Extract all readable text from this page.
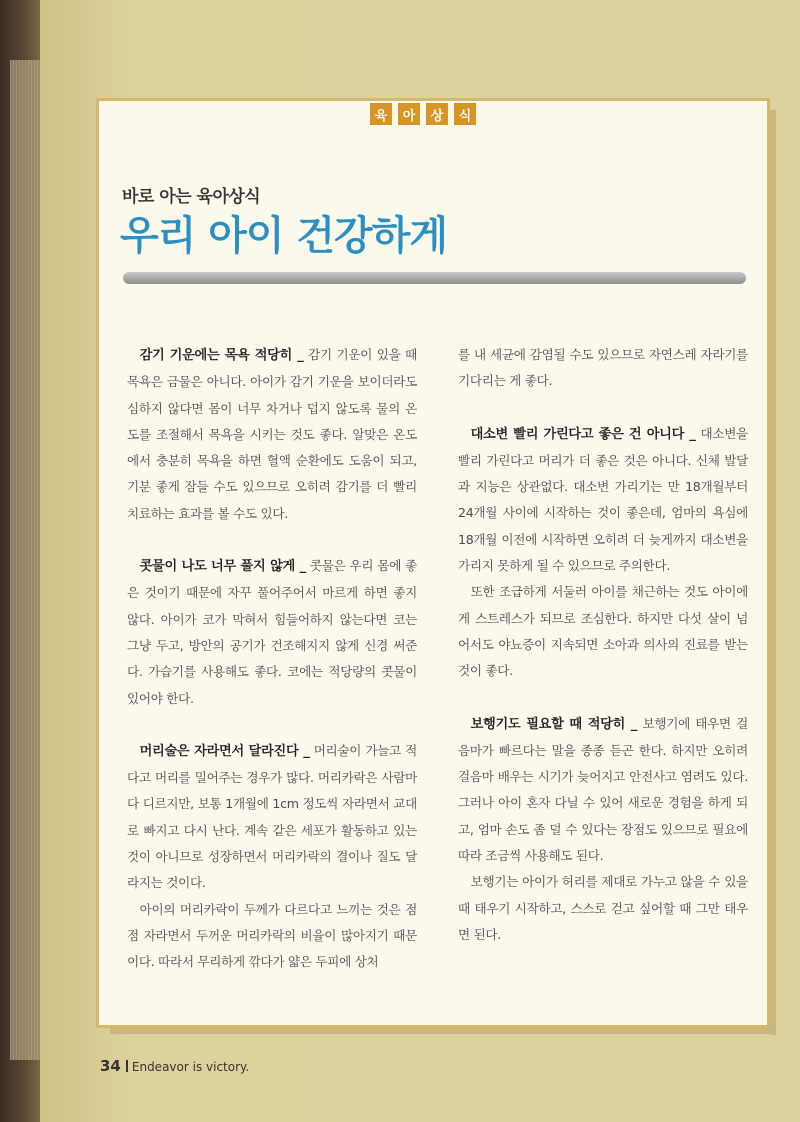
육	아	상	식
바로 아는 육아상식
우리 아이 건강하게

감기 기운에는 목욕 적당히 _ 감기 기운이 있을 때 목욕은 금물은 아니다. 아이가 감기 기운을 보이더라도 심하지 않다면 몸이 너무 차거나 덥지 않도록 물의 온도를 조절해서 목욕을 시키는 것도 좋다. 알맞은 온도에서 충분히 목욕을 하면 혈액 순환에도 도움이 되고, 기분 좋게 잠들 수도 있으므로 오히려 감기를 더 빨리 치료하는 효과를 볼 수도 있다.

콧물이 나도 너무 풀지 않게 _ 콧물은 우리 몸에 좋은 것이기 때문에 자꾸 풀어주어서 마르게 하면 좋지 않다. 아이가 코가 막혀서 힘들어하지 않는다면 코는 그냥 두고, 방안의 공기가 건조해지지 않게 신경 써준다. 가습기를 사용해도 좋다. 코에는 적당량의 콧물이 있어야 한다.

머리술은 자라면서 달라진다 _ 머리술이 가늘고 적다고 머리를 밀어주는 경우가 많다. 머리카락은 사람마다 디르지만, 보통 1개월에 1cm 정도씩 자라면서 교대로 빠지고 다시 난다. 계속 같은 세포가 활동하고 있는 것이 아니므로 성장하면서 머리카락의 결이나 질도 달라지는 것이다.

아이의 머리카락이 두께가 다르다고 느끼는 것은 점점 자라면서 두꺼운 머리카락의 비율이 많아지기 때문이다. 따라서 무리하게 깎다가 얇은 두피에 상처

를 내 세균에 감염될 수도 있으므로 자연스레 자라기를 기다리는 게 좋다.

대소변 빨리 가린다고 좋은 건 아니다 _ 대소변을 빨리 가린다고 머리가 더 좋은 것은 아니다. 신체 발달과 지능은 상관없다. 대소변 가리기는 만 18개월부터 24개월 사이에 시작하는 것이 좋은데, 엄마의 욕심에 18개월 이전에 시작하면 오히려 더 늦게까지 대소변을 가리지 못하게 될 수 있으므로 주의한다.

또한 조급하게 서둘러 아이를 채근하는 것도 아이에게 스트레스가 되므로 조심한다. 하지만 다섯 살이 넘어서도 야뇨증이 지속되면 소아과 의사의 진료를 받는 것이 좋다.

보행기도 필요할 때 적당히 _ 보행기에 태우면 걸음마가 빠르다는 말을 종종 듣곤 한다. 하지만 오히려 걸음마 배우는 시기가 늦어지고 안전사고 염려도 있다. 그러나 아이 혼자 다닐 수 있어 새로운 경험을 하게 되고, 엄마 손도 좀 덜 수 있다는 장점도 있으므로 필요에 따라 조금씩 사용해도 된다.

보행기는 아이가 허리를 제대로 가누고 않을 수 있을 때 태우기 시작하고, 스스로 걷고 싶어할 때 그만 태우면 된다.

34 Endeavor is victory.
